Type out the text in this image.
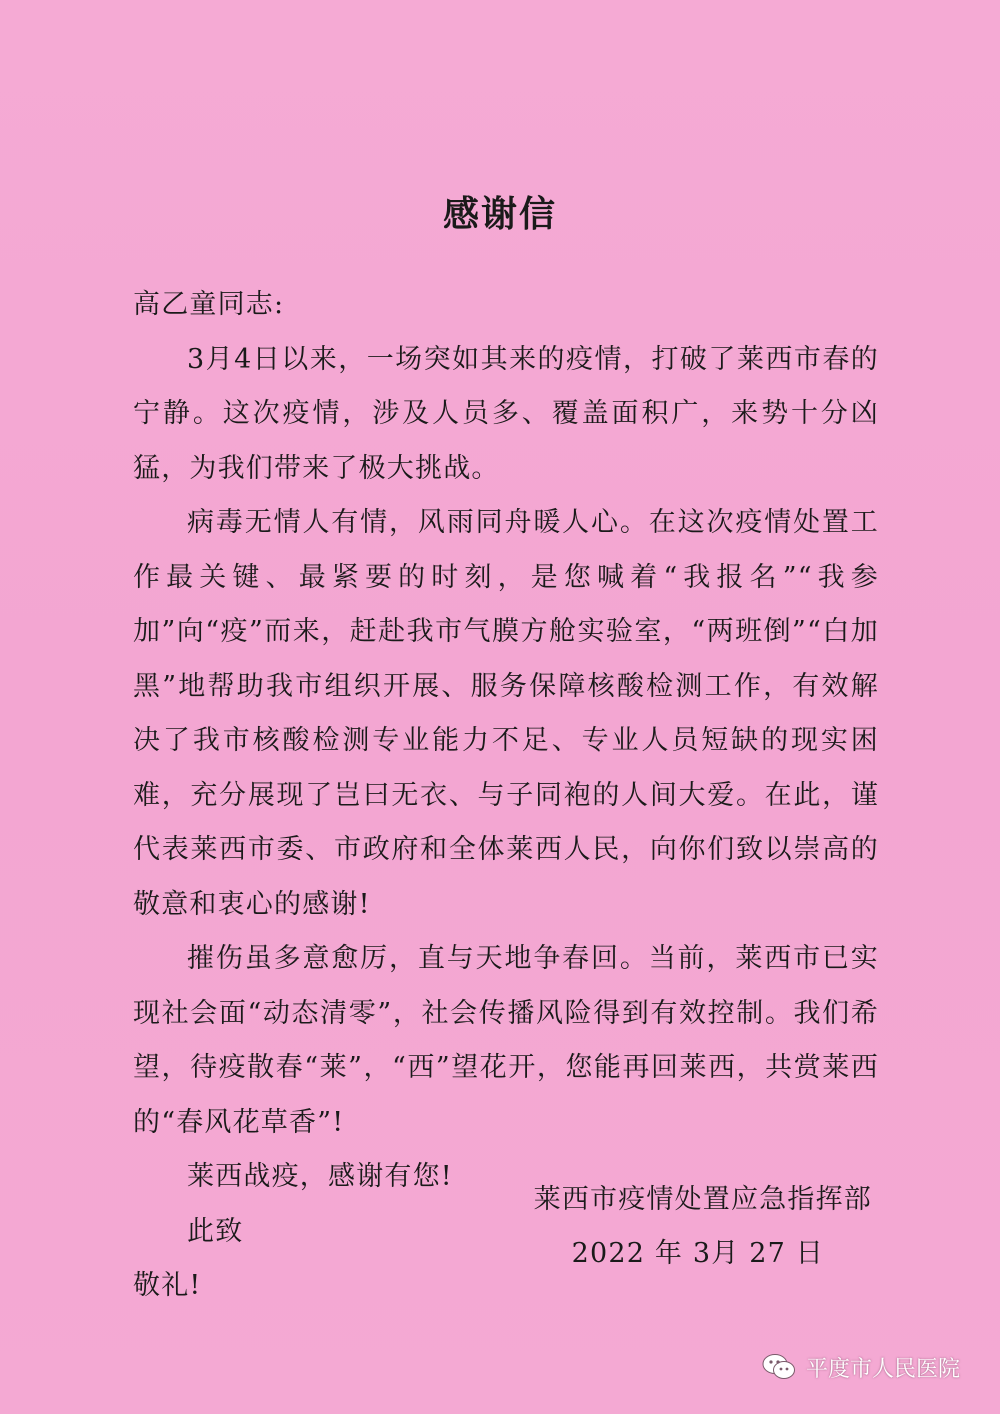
感谢信

高乙童同志:

3月4日以来，一场突如其来的疫情，打破了莱西市春的宁静。这次疫情，涉及人员多、覆盖面积广，来势十分凶猛，为我们带来了极大挑战。

病毒无情人有情，风雨同舟暖人心。在这次疫情处置工作最关键、最紧要的时刻，是您喊着“我报名”“我参加”向“疫”而来，赶赴我市气膜方舱实验室，“两班倒”“白加黑”地帮助我市组织开展、服务保障核酸检测工作，有效解决了我市核酸检测专业能力不足、专业人员短缺的现实困难，充分展现了岂曰无衣、与子同袍的人间大爱。在此，谨代表莱西市委、市政府和全体莱西人民，向你们致以崇高的敬意和衷心的感谢!

摧伤虽多意愈厉，直与天地争春回。当前，莱西市已实现社会面“动态清零”，社会传播风险得到有效控制。我们希望，待疫散春“莱”，“西”望花开，您能再回莱西，共赏莱西的“春风花草香”!

莱西战疫，感谢有您!

此致

敬礼!

莱西市疫情处置应急指挥部
2022 年 3月 27 日
平度市人民医院
